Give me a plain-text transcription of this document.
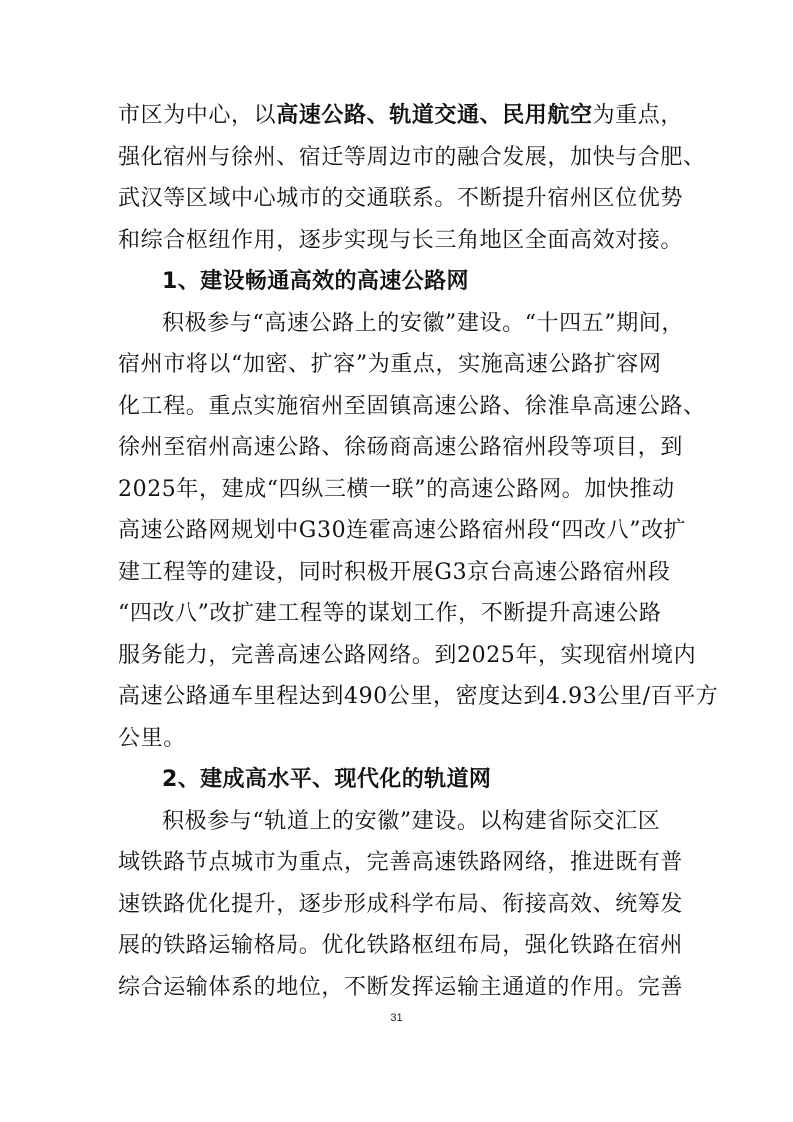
市区为中心，以高速公路、轨道交通、民用航空为重点，
强化宿州与徐州、宿迁等周边市的融合发展，加快与合肥、
武汉等区域中心城市的交通联系。不断提升宿州区位优势
和综合枢纽作用，逐步实现与长三角地区全面高效对接。
1、建设畅通高效的高速公路网
积极参与“高速公路上的安徽”建设。“十四五”期间，
宿州市将以“加密、扩容”为重点，实施高速公路扩容网
化工程。重点实施宿州至固镇高速公路、徐淮阜高速公路、
徐州至宿州高速公路、徐砀商高速公路宿州段等项目，到
2025年，建成“四纵三横一联”的高速公路网。加快推动
高速公路网规划中G30连霍高速公路宿州段“四改八”改扩
建工程等的建设，同时积极开展G3京台高速公路宿州段
“四改八”改扩建工程等的谋划工作，不断提升高速公路
服务能力，完善高速公路网络。到2025年，实现宿州境内
高速公路通车里程达到490公里，密度达到4.93公里/百平方
公里。
2、建成高水平、现代化的轨道网
积极参与“轨道上的安徽”建设。以构建省际交汇区
域铁路节点城市为重点，完善高速铁路网络，推进既有普
速铁路优化提升，逐步形成科学布局、衔接高效、统筹发
展的铁路运输格局。优化铁路枢纽布局，强化铁路在宿州
综合运输体系的地位，不断发挥运输主通道的作用。完善
31
